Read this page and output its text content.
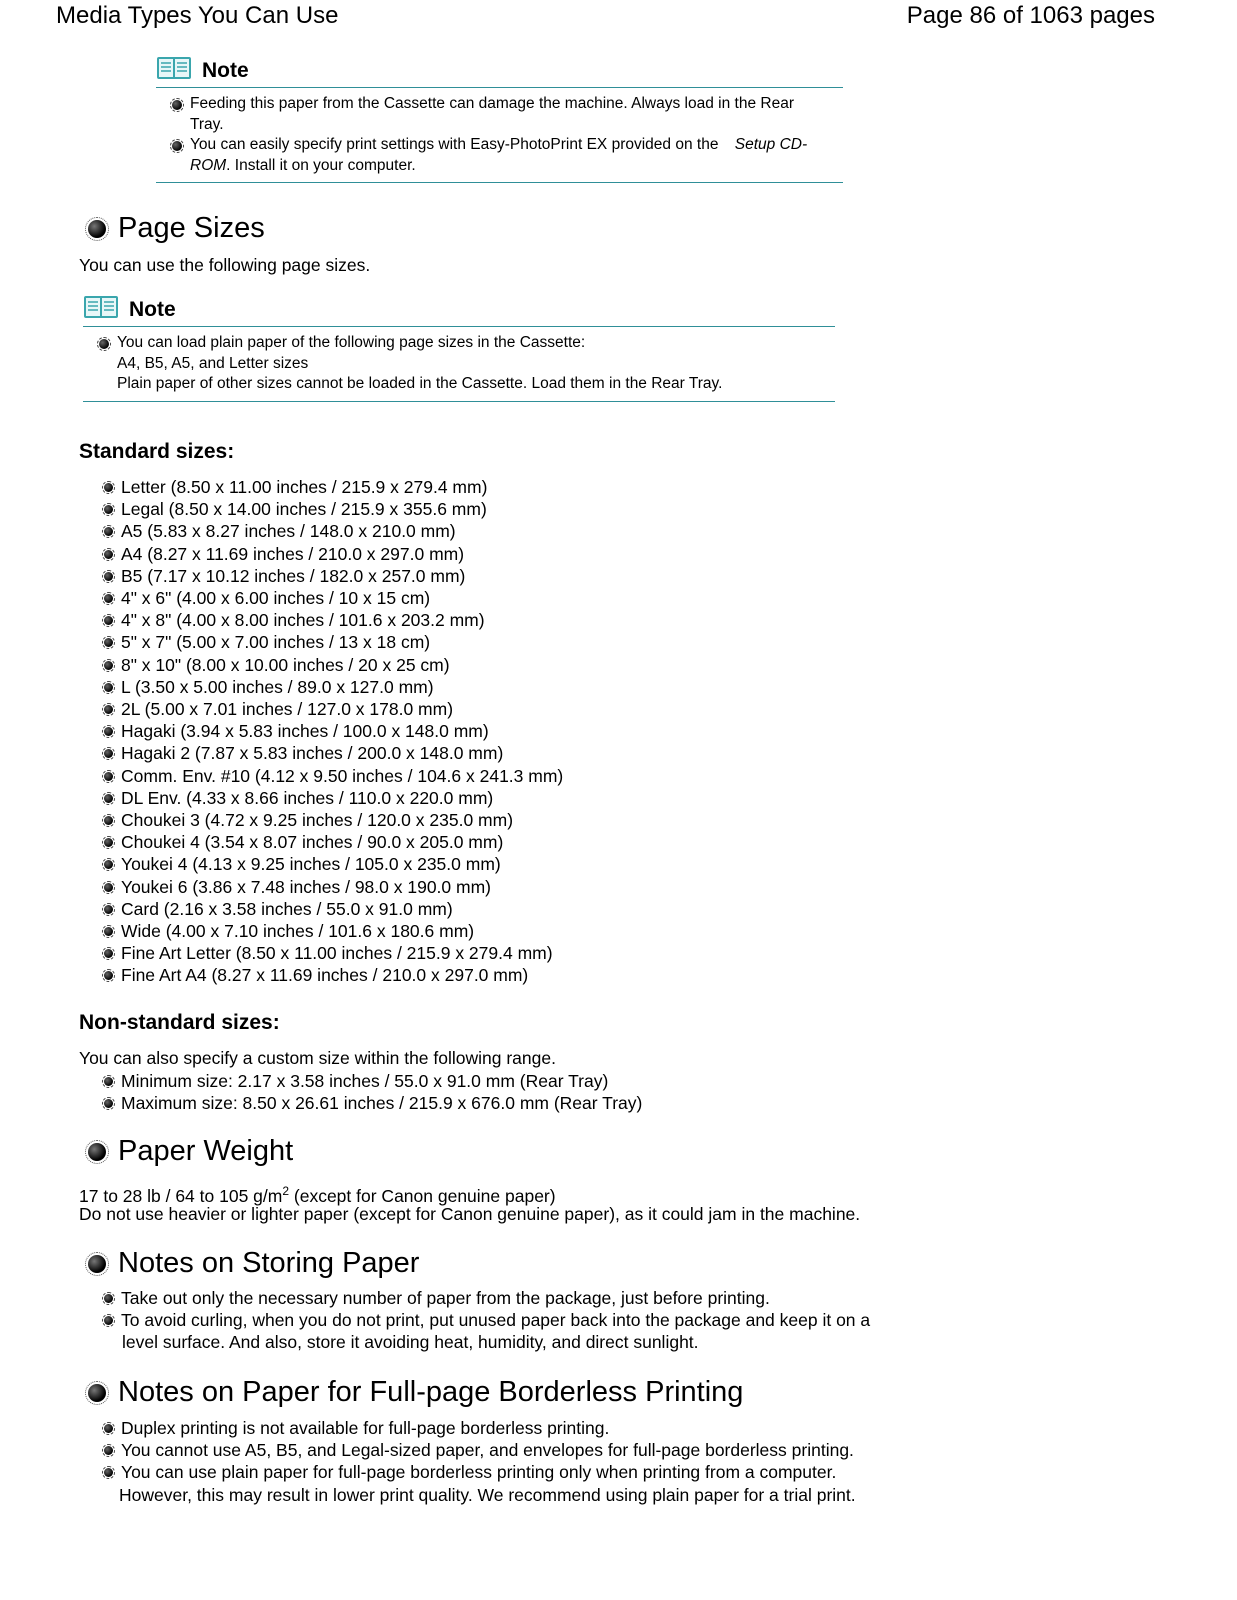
Media Types You Can Use	Page 86 of 1063 pages
Note
Feeding this paper from the Cassette can damage the machine. Always load in the Rear
Tray.
You can easily specify print settings with Easy-PhotoPrint EX provided on the Setup CD-
ROM. Install it on your computer.
Page Sizes
You can use the following page sizes.
Note
You can load plain paper of the following page sizes in the Cassette:
A4, B5, A5, and Letter sizes
Plain paper of other sizes cannot be loaded in the Cassette. Load them in the Rear Tray.
Standard sizes:
Letter (8.50 x 11.00 inches / 215.9 x 279.4 mm)
Legal (8.50 x 14.00 inches / 215.9 x 355.6 mm)
A5 (5.83 x 8.27 inches / 148.0 x 210.0 mm)
A4 (8.27 x 11.69 inches / 210.0 x 297.0 mm)
B5 (7.17 x 10.12 inches / 182.0 x 257.0 mm)
4" x 6" (4.00 x 6.00 inches / 10 x 15 cm)
4" x 8" (4.00 x 8.00 inches / 101.6 x 203.2 mm)
5" x 7" (5.00 x 7.00 inches / 13 x 18 cm)
8" x 10" (8.00 x 10.00 inches / 20 x 25 cm)
L (3.50 x 5.00 inches / 89.0 x 127.0 mm)
2L (5.00 x 7.01 inches / 127.0 x 178.0 mm)
Hagaki (3.94 x 5.83 inches / 100.0 x 148.0 mm)
Hagaki 2 (7.87 x 5.83 inches / 200.0 x 148.0 mm)
Comm. Env. #10 (4.12 x 9.50 inches / 104.6 x 241.3 mm)
DL Env. (4.33 x 8.66 inches / 110.0 x 220.0 mm)
Choukei 3 (4.72 x 9.25 inches / 120.0 x 235.0 mm)
Choukei 4 (3.54 x 8.07 inches / 90.0 x 205.0 mm)
Youkei 4 (4.13 x 9.25 inches / 105.0 x 235.0 mm)
Youkei 6 (3.86 x 7.48 inches / 98.0 x 190.0 mm)
Card (2.16 x 3.58 inches / 55.0 x 91.0 mm)
Wide (4.00 x 7.10 inches / 101.6 x 180.6 mm)
Fine Art Letter (8.50 x 11.00 inches / 215.9 x 279.4 mm)
Fine Art A4 (8.27 x 11.69 inches / 210.0 x 297.0 mm)
Non-standard sizes:
You can also specify a custom size within the following range.
Minimum size: 2.17 x 3.58 inches / 55.0 x 91.0 mm (Rear Tray)
Maximum size: 8.50 x 26.61 inches / 215.9 x 676.0 mm (Rear Tray)
Paper Weight
17 to 28 lb / 64 to 105 $g/m^2$ (except for Canon genuine paper)
Do not use heavier or lighter paper (except for Canon genuine paper), as it could jam in the machine.
Notes on Storing Paper
Take out only the necessary number of paper from the package, just before printing.
To avoid curling, when you do not print, put unused paper back into the package and keep it on a
level surface. And also, store it avoiding heat, humidity, and direct sunlight.
Notes on Paper for Full-page Borderless Printing
Duplex printing is not available for full-page borderless printing.
You cannot use A5, B5, and Legal-sized paper, and envelopes for full-page borderless printing.
You can use plain paper for full-page borderless printing only when printing from a computer.
However, this may result in lower print quality. We recommend using plain paper for a trial print.
